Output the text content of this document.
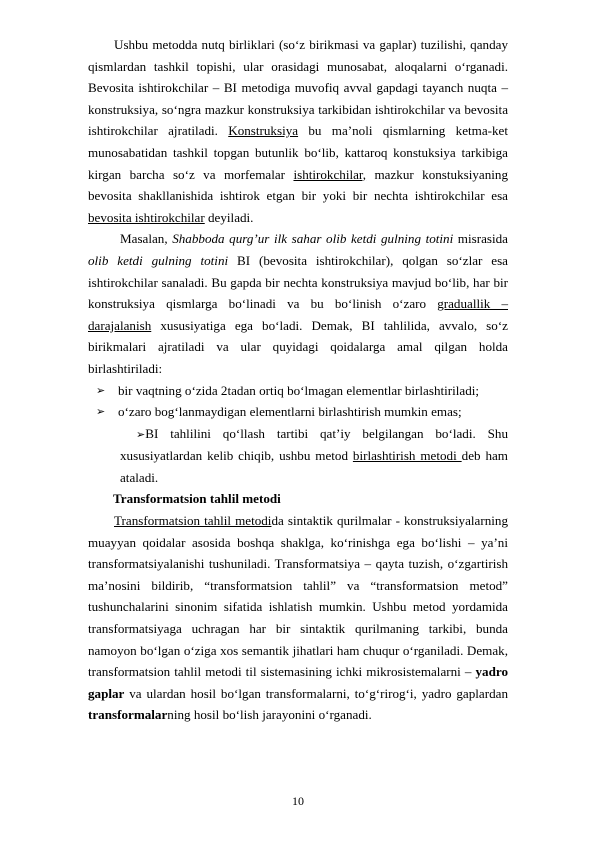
Ushbu metodda nutq birliklari (so‘z birikmasi va gaplar) tuzilishi, qanday qismlardan tashkil topishi, ular orasidagi munosabat, aloqalarni o‘rganadi. Bevosita ishtirokchilar – BI metodiga muvofiq avval gapdagi tayanch nuqta – konstruksiya, so‘ngra mazkur konstruksiya tarkibidan ishtirokchilar va bevosita ishtirokchilar ajratiladi. Konstruksiya bu ma’noli qismlarning ketma-ket munosabatidan tashkil topgan butunlik bo‘lib, kattaroq konstuksiya tarkibiga kirgan barcha so‘z va morfemalar ishtirokchilar, mazkur konstuksiyaning bevosita shakllanishida ishtirok etgan bir yoki bir nechta ishtirokchilar esa bevosita ishtirokchilar deyiladi.

Masalan, Shabboda qurg’ur ilk sahar olib ketdi gulning totini misrasida olib ketdi gulning totini BI (bevosita ishtirokchilar), qolgan so‘zlar esa ishtirokchilar sanaladi. Bu gapda bir nechta konstruksiya mavjud bo‘lib, har bir konstruksiya qismlarga bo‘linadi va bu bo‘linish o‘zaro graduallik –darajalanish xususiyatiga ega bo‘ladi. Demak, BI tahlilida, avvalo, so‘z birikmalari ajratiladi va ular quyidagi qoidalarga amal qilgan holda birlashtiriladi:

➢ bir vaqtning o‘zida 2tadan ortiq bo‘lmagan elementlar birlashtiriladi;

➢ o‘zaro bog‘lanmaydigan elementlarni birlashtirish mumkin emas;

➢BI tahlilini qo‘llash tartibi qat’iy belgilangan bo‘ladi. Shu xususiyatlardan kelib chiqib, ushbu metod birlashtirish metodi deb ham ataladi.

Transformatsion tahlil metodi

Transformatsion tahlil metodida sintaktik qurilmalar - konstruksiyalarning muayyan qoidalar asosida boshqa shaklga, ko‘rinishga ega bo‘lishi – ya’ni transformatsiyalanishi tushuniladi. Transformatsiya – qayta tuzish, o‘zgartirish ma’nosini bildirib, “transformatsion tahlil” va “transformatsion metod” tushunchalarini sinonim sifatida ishlatish mumkin. Ushbu metod yordamida transformatsiyaga uchragan har bir sintaktik qurilmaning tarkibi, bunda namoyon bo‘lgan o‘ziga xos semantik jihatlari ham chuqur o‘rganiladi. Demak, transformatsion tahlil metodi til sistemasining ichki mikrosistemalarni – yadro gaplar va ulardan hosil bo‘lgan transformalarni, to‘g‘rirog‘i, yadro gaplardan transformalarning hosil bo‘lish jarayonini o‘rganadi.

10
